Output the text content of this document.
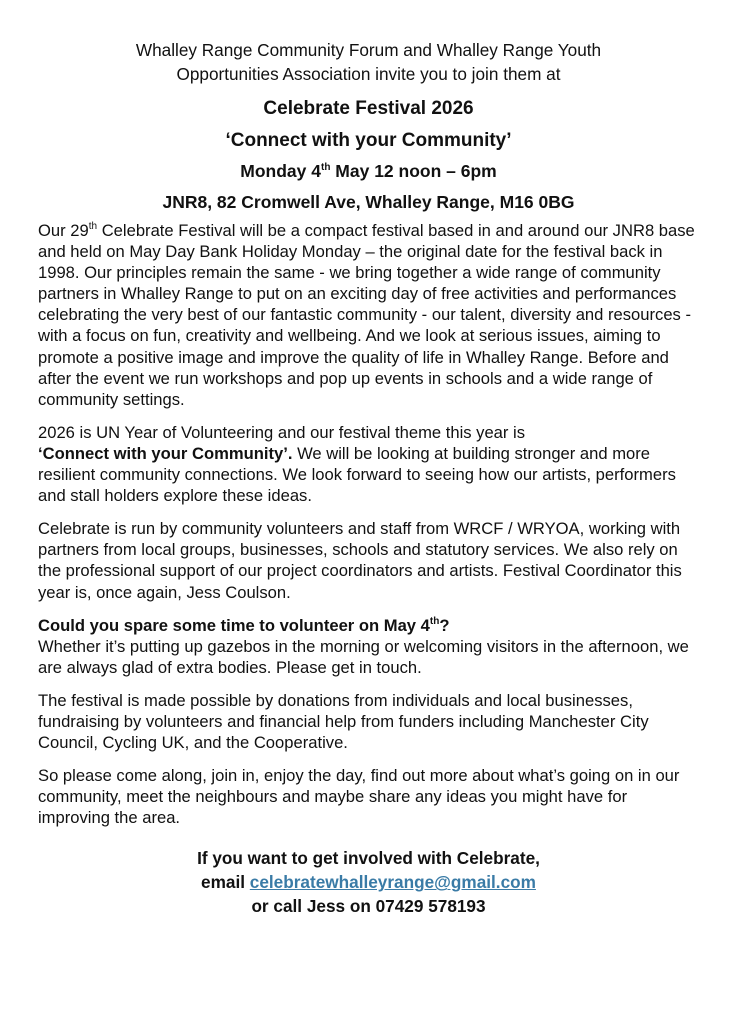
Whalley Range Community Forum and Whalley Range Youth

Opportunities Association invite you to join them at

Celebrate Festival 2026

‘Connect with your Community’

Monday 4th May 12 noon – 6pm

JNR8, 82 Cromwell Ave, Whalley Range, M16 0BG

Our 29th Celebrate Festival will be a compact festival based in and around our JNR8 base and held on May Day Bank Holiday Monday – the original date for the festival back in 1998. Our principles remain the same - we bring together a wide range of community partners in Whalley Range to put on an exciting day of free activities and performances celebrating the very best of our fantastic community - our talent, diversity and resources - with a focus on fun, creativity and wellbeing. And we look at serious issues, aiming to promote a positive image and improve the quality of life in Whalley Range. Before and after the event we run workshops and pop up events in schools and a wide range of community settings.

2026 is UN Year of Volunteering and our festival theme this year is
‘Connect with your Community’. We will be looking at building stronger and more resilient community connections. We look forward to seeing how our artists, performers and stall holders explore these ideas.

Celebrate is run by community volunteers and staff from WRCF / WRYOA, working with partners from local groups, businesses, schools and statutory services. We also rely on the professional support of our project coordinators and artists. Festival Coordinator this year is, once again, Jess Coulson.

Could you spare some time to volunteer on May 4th?

Whether it’s putting up gazebos in the morning or welcoming visitors in the afternoon, we are always glad of extra bodies. Please get in touch.

The festival is made possible by donations from individuals and local businesses, fundraising by volunteers and financial help from funders including Manchester City Council, Cycling UK, and the Cooperative.

So please come along, join in, enjoy the day, find out more about what’s going on in our community, meet the neighbours and maybe share any ideas you might have for improving the area.

If you want to get involved with Celebrate,

email celebratewhalleyrange@gmail.com

or call Jess on 07429 578193
